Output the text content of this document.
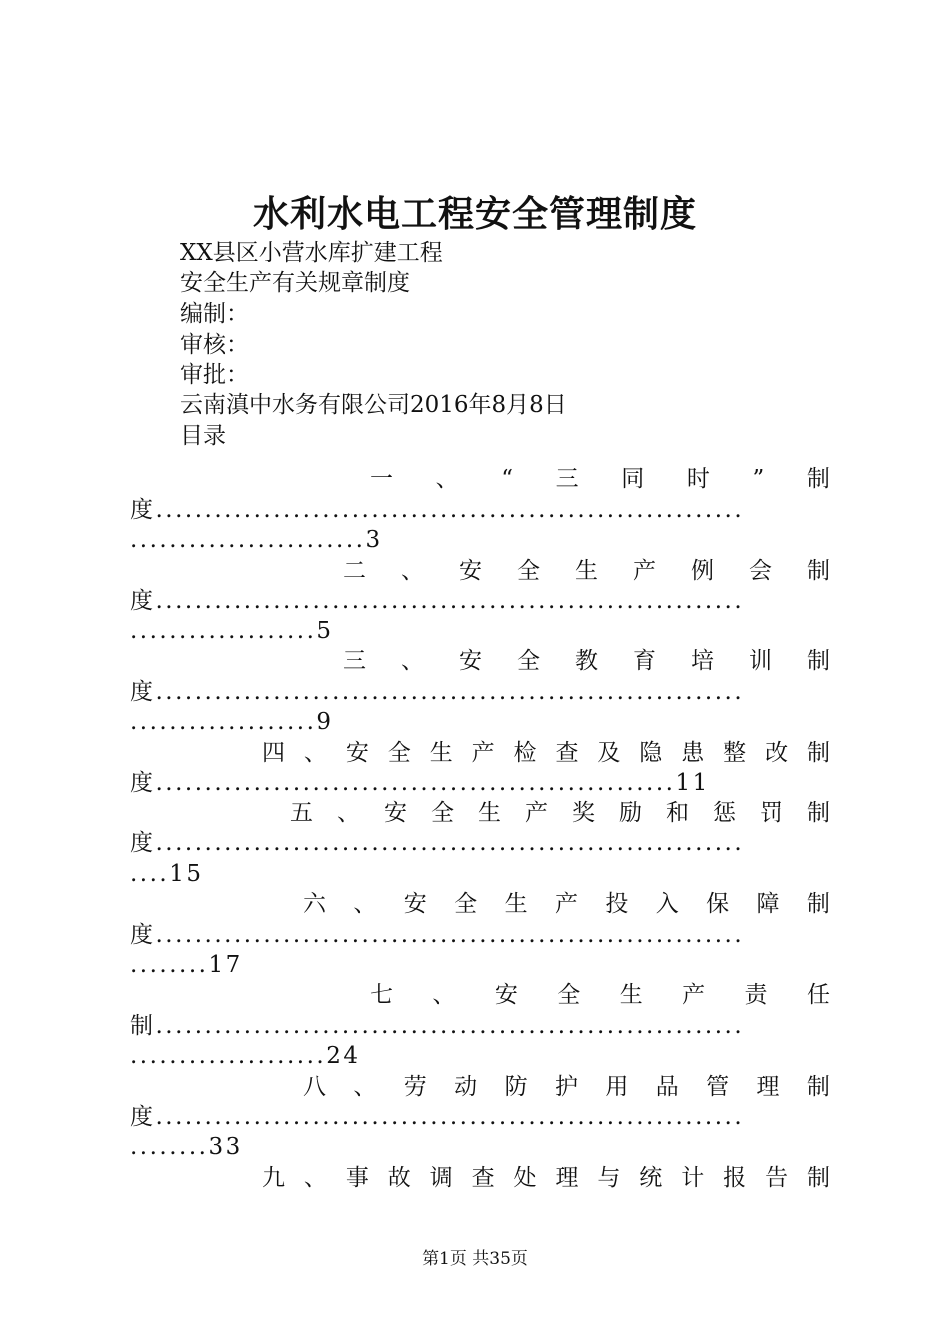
水利水电工程安全管理制度
XX县区小营水库扩建工程
安全生产有关规章制度
编制：
审核：
审批：
云南滇中水务有限公司2016年8月8日
目录
一 、 “ 三 同 时 ” 制
度............................................................
........................3
二 、 安 全 生 产 例 会 制
度............................................................
...................5
三 、 安 全 教 育 培 训 制
度............................................................
...................9
四 、 安 全 生 产 检 查 及 隐 患 整 改 制
度.....................................................11
五 、 安 全 生 产 奖 励 和 惩 罚 制
度............................................................
....15
六 、 安 全 生 产 投 入 保 障 制
度............................................................
........17
七 、 安 全 生 产 责 任
制............................................................
....................24
八 、 劳 动 防 护 用 品 管 理 制
度............................................................
........33
九 、 事 故 调 查 处 理 与 统 计 报 告 制
第1页 共35页
